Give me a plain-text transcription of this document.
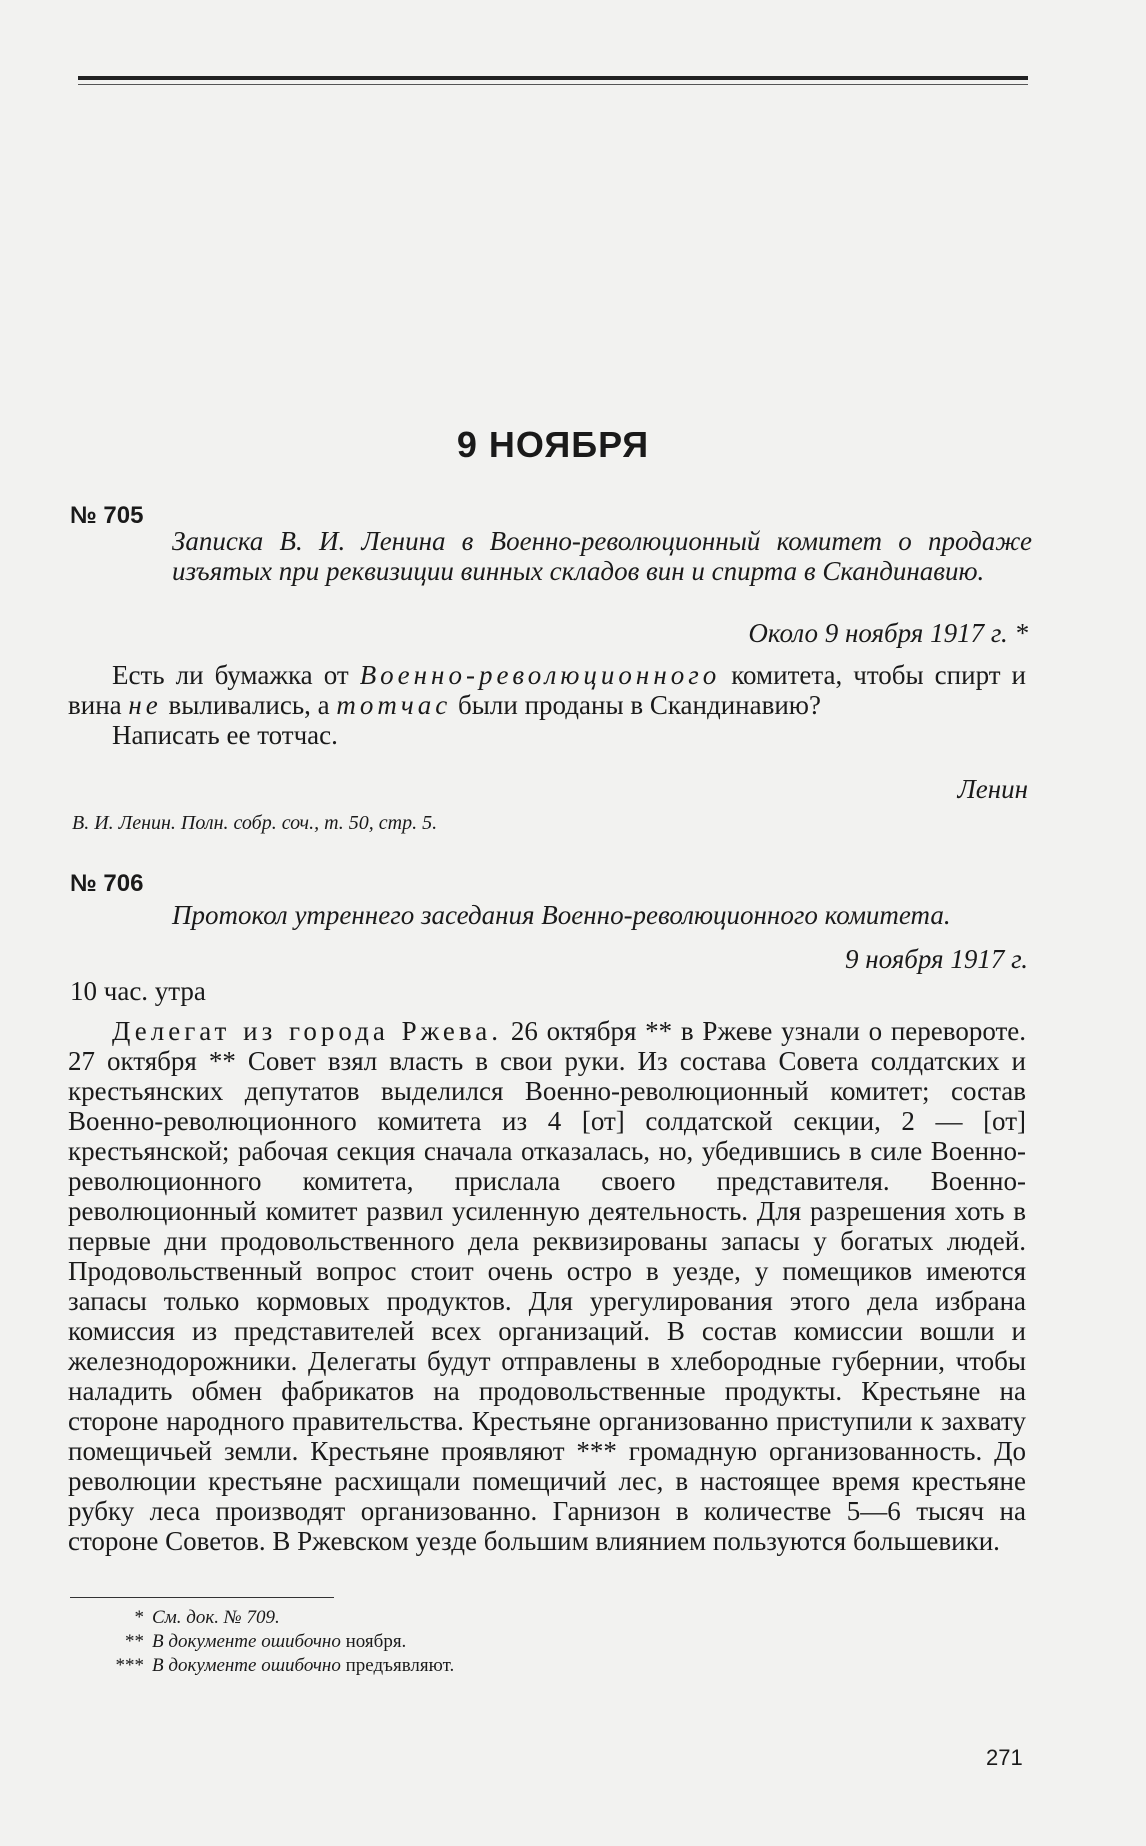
9 НОЯБРЯ
№ 705
Записка В. И. Ленина в Военно-революционный комитет о продаже изъятых при реквизиции винных складов вин и спирта в Скандинавию.
Около 9 ноября 1917 г. *

Есть ли бумажка от Военно-революционного комитета, чтобы спирт и вина не выливались, а тотчас были проданы в Скандинавию?

Написать ее тотчас.

Ленин
В. И. Ленин. Полн. собр. соч., т. 50, стр. 5.
№ 706
Протокол утреннего заседания Военно-революционного комитета.
9 ноября 1917 г.
10 час. утра

Делегат из города Ржева. 26 октября ** в Ржеве узнали о перевороте. 27 октября ** Совет взял власть в свои руки. Из состава Совета солдатских и крестьянских депутатов выделился Военно-революционный комитет; состав Военно-революционного комитета из 4 [от] солдатской секции, 2 — [от] крестьянской; рабочая секция сначала отказалась, но, убедившись в силе Военно-революционного комитета, прислала своего представителя. Военно-революционный комитет развил усиленную деятельность. Для разрешения хоть в первые дни продовольственного дела реквизированы запасы у богатых людей. Продовольственный вопрос стоит очень остро в уезде, у помещиков имеются запасы только кормовых продуктов. Для урегулирования этого дела избрана комиссия из представителей всех организаций. В состав комиссии вошли и железнодорожники. Делегаты будут отправлены в хлебородные губернии, чтобы наладить обмен фабрикатов на продовольственные продукты. Крестьяне на стороне народного правительства. Крестьяне организованно приступили к захвату помещичьей земли. Крестьяне проявляют *** громадную организованность. До революции крестьяне расхищали помещичий лес, в настоящее время крестьяне рубку леса производят организованно. Гарнизон в количестве 5—6 тысяч на стороне Советов. В Ржевском уезде большим влиянием пользуются большевики.

* См. док. № 709.
** В документе ошибочно ноября.
*** В документе ошибочно предъявляют.
271
